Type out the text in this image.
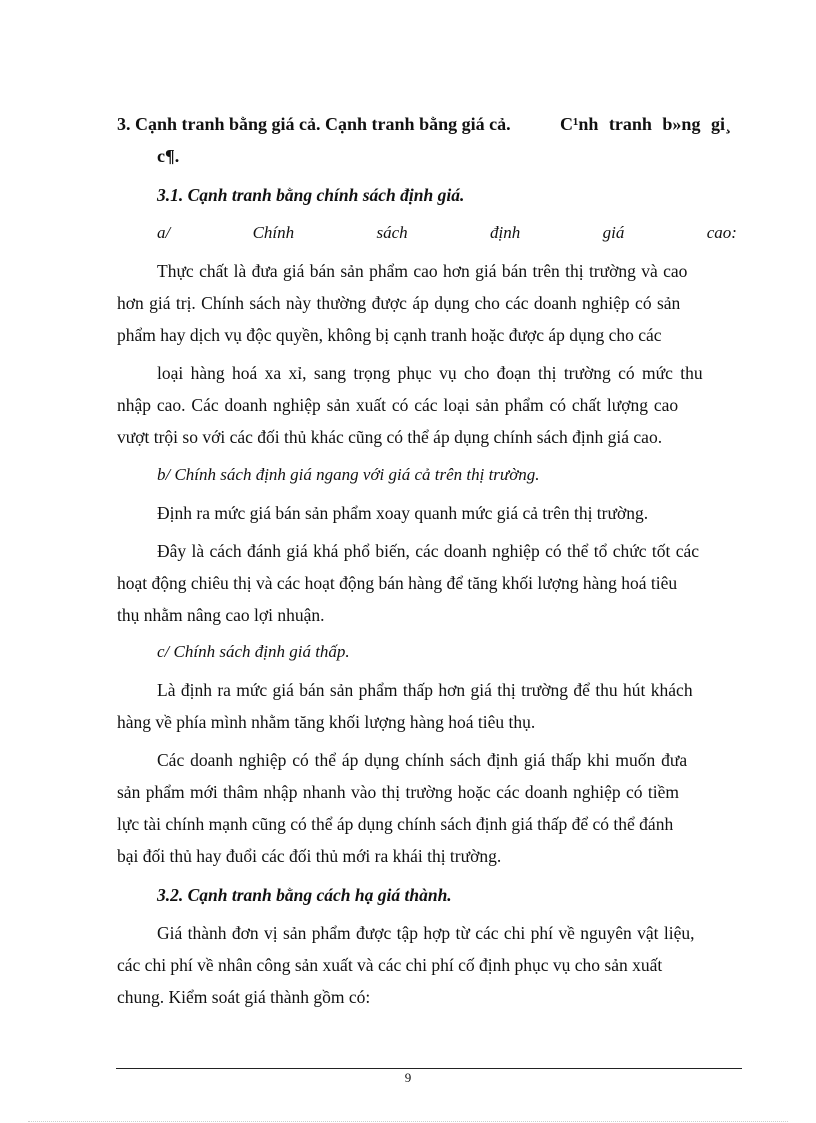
3. Cạnh tranh bằng giá cả. Cạnh tranh bằng giá cả.	C¹nh tranh b»ng gi¸
c¶.
3.1. Cạnh tranh bằng chính sách định giá.
a/	Chính	sách	định	giá	cao:
Thực chất là đưa giá bán sản phẩm cao hơn giá bán trên thị trường và cao
hơn giá trị. Chính sách này thường được áp dụng cho các doanh nghiệp có sản
phẩm hay dịch vụ độc quyền, không bị cạnh tranh hoặc được áp dụng cho các
loại hàng hoá xa xỉ, sang trọng phục vụ cho đoạn thị trường có mức thu
nhập cao. Các doanh nghiệp sản xuất có các loại sản phẩm có chất lượng cao
vượt trội so với các đối thủ khác cũng có thể áp dụng chính sách định giá cao.
b/ Chính sách định giá ngang với giá cả trên thị trường.
Định ra mức giá bán sản phẩm xoay quanh mức giá cả trên thị trường.
Đây là cách đánh giá khá phổ biến, các doanh nghiệp có thể tổ chức tốt các
hoạt động chiêu thị và các hoạt động bán hàng để tăng khối lượng hàng hoá tiêu
thụ nhằm nâng cao lợi nhuận.
c/ Chính sách định giá thấp.
Là định ra mức giá bán sản phẩm thấp hơn giá thị trường để thu hút khách
hàng về phía mình nhằm tăng khối lượng hàng hoá tiêu thụ.
Các doanh nghiệp có thể áp dụng chính sách định giá thấp khi muốn đưa
sản phẩm mới thâm nhập nhanh vào thị trường hoặc các doanh nghiệp có tiềm
lực tài chính mạnh cũng có thể áp dụng chính sách định giá thấp để có thể đánh
bại đối thủ hay đuổi các đối thủ mới ra khái thị trường.
3.2. Cạnh tranh bằng cách hạ giá thành.
Giá thành đơn vị sản phẩm được tập hợp từ các chi phí về nguyên vật liệu,
các chi phí về nhân công sản xuất và các chi phí cố định phục vụ cho sản xuất
chung. Kiểm soát giá thành gồm có:
9
